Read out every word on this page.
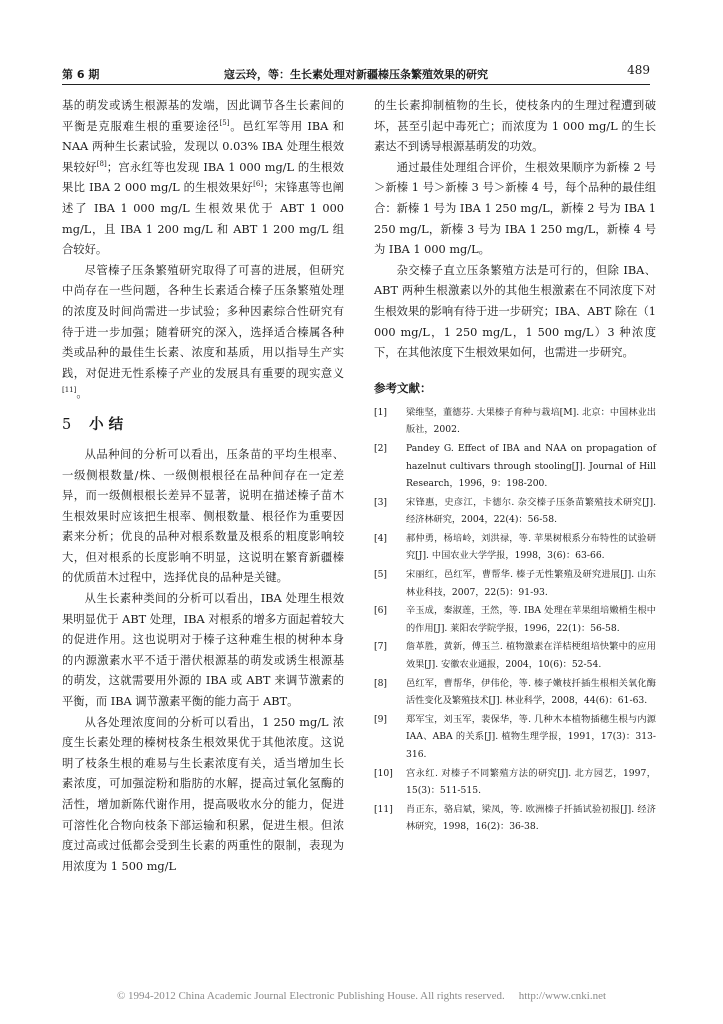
第 6 期	寇云玲，等：生长素处理对新疆榛压条繁殖效果的研究	489

基的萌发或诱生根源基的发端，因此调节各生长素间的平衡是克服难生根的重要途径[5]。邑红军等用 IBA 和 NAA 两种生长素试验，发现以 0.03% IBA 处理生根效果较好[8]；宫永红等也发现 IBA 1 000 mg/L 的生根效果比 IBA 2 000 mg/L 的生根效果好[6]；宋锋惠等也阐述了 IBA 1 000 mg/L 生根效果优于 ABT 1 000 mg/L，且 IBA 1 200 mg/L 和 ABT 1 200 mg/L 组合较好。

尽管榛子压条繁殖研究取得了可喜的进展，但研究中尚存在一些问题，各种生长素适合榛子压条繁殖处理的浓度及时间尚需进一步试验；多种因素综合性研究有待于进一步加强；随着研究的深入，选择适合榛属各种类或品种的最佳生长素、浓度和基质，用以指导生产实践，对促进无性系榛子产业的发展具有重要的现实意义[11]。

5 小 结

从品种间的分析可以看出，压条苗的平均生根率、一级侧根数量/株、一级侧根根径在品种间存在一定差异，而一级侧根根长差异不显著，说明在描述榛子苗木生根效果时应该把生根率、侧根数量、根径作为重要因素来分析；优良的品种对根系数量及根系的粗度影响较大，但对根系的长度影响不明显，这说明在繁育新疆榛的优质苗木过程中，选择优良的品种是关键。

从生长素种类间的分析可以看出，IBA 处理生根效果明显优于 ABT 处理，IBA 对根系的增多方面起着较大的促进作用。这也说明对于榛子这种难生根的树种本身的内源激素水平不适于潜伏根源基的萌发或诱生根源基的萌发，这就需要用外源的 IBA 或 ABT 来调节激素的平衡，而 IBA 调节激素平衡的能力高于 ABT。

从各处理浓度间的分析可以看出，1 250 mg/L 浓度生长素处理的榛树枝条生根效果优于其他浓度。这说明了枝条生根的难易与生长素浓度有关，适当增加生长素浓度，可加强淀粉和脂肪的水解，提高过氧化氢酶的活性，增加新陈代谢作用，提高吸收水分的能力，促进可溶性化合物向枝条下部运输和积累，促进生根。但浓度过高或过低都会受到生长素的两重性的限制，表现为用浓度为 1 500 mg/L

的生长素抑制植物的生长，使枝条内的生理过程遭到破坏，甚至引起中毒死亡；而浓度为 1 000 mg/L 的生长素达不到诱导根源基萌发的功效。

通过最佳处理组合评价，生根效果顺序为新榛 2 号＞新榛 1 号＞新榛 3 号＞新榛 4 号，每个品种的最佳组合：新榛 1 号为 IBA 1 250 mg/L，新榛 2 号为 IBA 1 250 mg/L，新榛 3 号为 IBA 1 250 mg/L，新榛 4 号为 IBA 1 000 mg/L。

杂交榛子直立压条繁殖方法是可行的，但除 IBA、ABT 两种生根激素以外的其他生根激素在不同浓度下对生根效果的影响有待于进一步研究；IBA、ABT 除在（1 000 mg/L，1 250 mg/L，1 500 mg/L）3 种浓度下，在其他浓度下生根效果如何，也需进一步研究。

参考文献：
[1] 梁维坚，董德芬. 大果榛子育种与栽培[M]. 北京：中国林业出版社，2002.
[2] Pandey G. Effect of IBA and NAA on propagation of hazelnut cultivars through stooling[J]. Journal of Hill Research，1996，9：198-200.
[3] 宋锋惠，史彦江，卡德尔. 杂交榛子压条苗繁殖技术研究[J]. 经济林研究，2004，22(4)：56-58.
[4] 郝仲勇，杨培岭，刘洪禄，等. 苹果树根系分布特性的试验研究[J]. 中国农业大学学报，1998，3(6)：63-66.
[5] 宋丽红，邑红军，曹帮华. 榛子无性繁殖及研究进展[J]. 山东林业科技，2007，22(5)：91-93.
[6] 辛玉成，秦淑莲，王然，等. IBA 处理在苹果组培嫩梢生根中的作用[J]. 莱阳农学院学报，1996，22(1)：56-58.
[7] 詹革胜，黄新，傅玉兰. 植物激素在洋桔梗组培快繁中的应用效果[J]. 安徽农业通报，2004，10(6)：52-54.
[8] 邑红军，曹帮华，伊伟伦，等. 榛子嫩枝扦插生根相关氧化酶活性变化及繁殖技术[J]. 林业科学，2008，44(6)：61-63.
[9] 郑军宝，刘玉军，裴保华，等. 几种木本植物插穗生根与内源 IAA、ABA 的关系[J]. 植物生理学报，1991，17(3)：313-316.
[10] 宫永红. 对榛子不同繁殖方法的研究[J]. 北方园艺，1997，15(3)：511-515.
[11] 肖正东，骆启斌，梁凤，等. 欧洲榛子扦插试验初报[J]. 经济林研究，1998，16(2)：36-38.
© 1994-2012 China Academic Journal Electronic Publishing House. All rights reserved. http://www.cnki.net
